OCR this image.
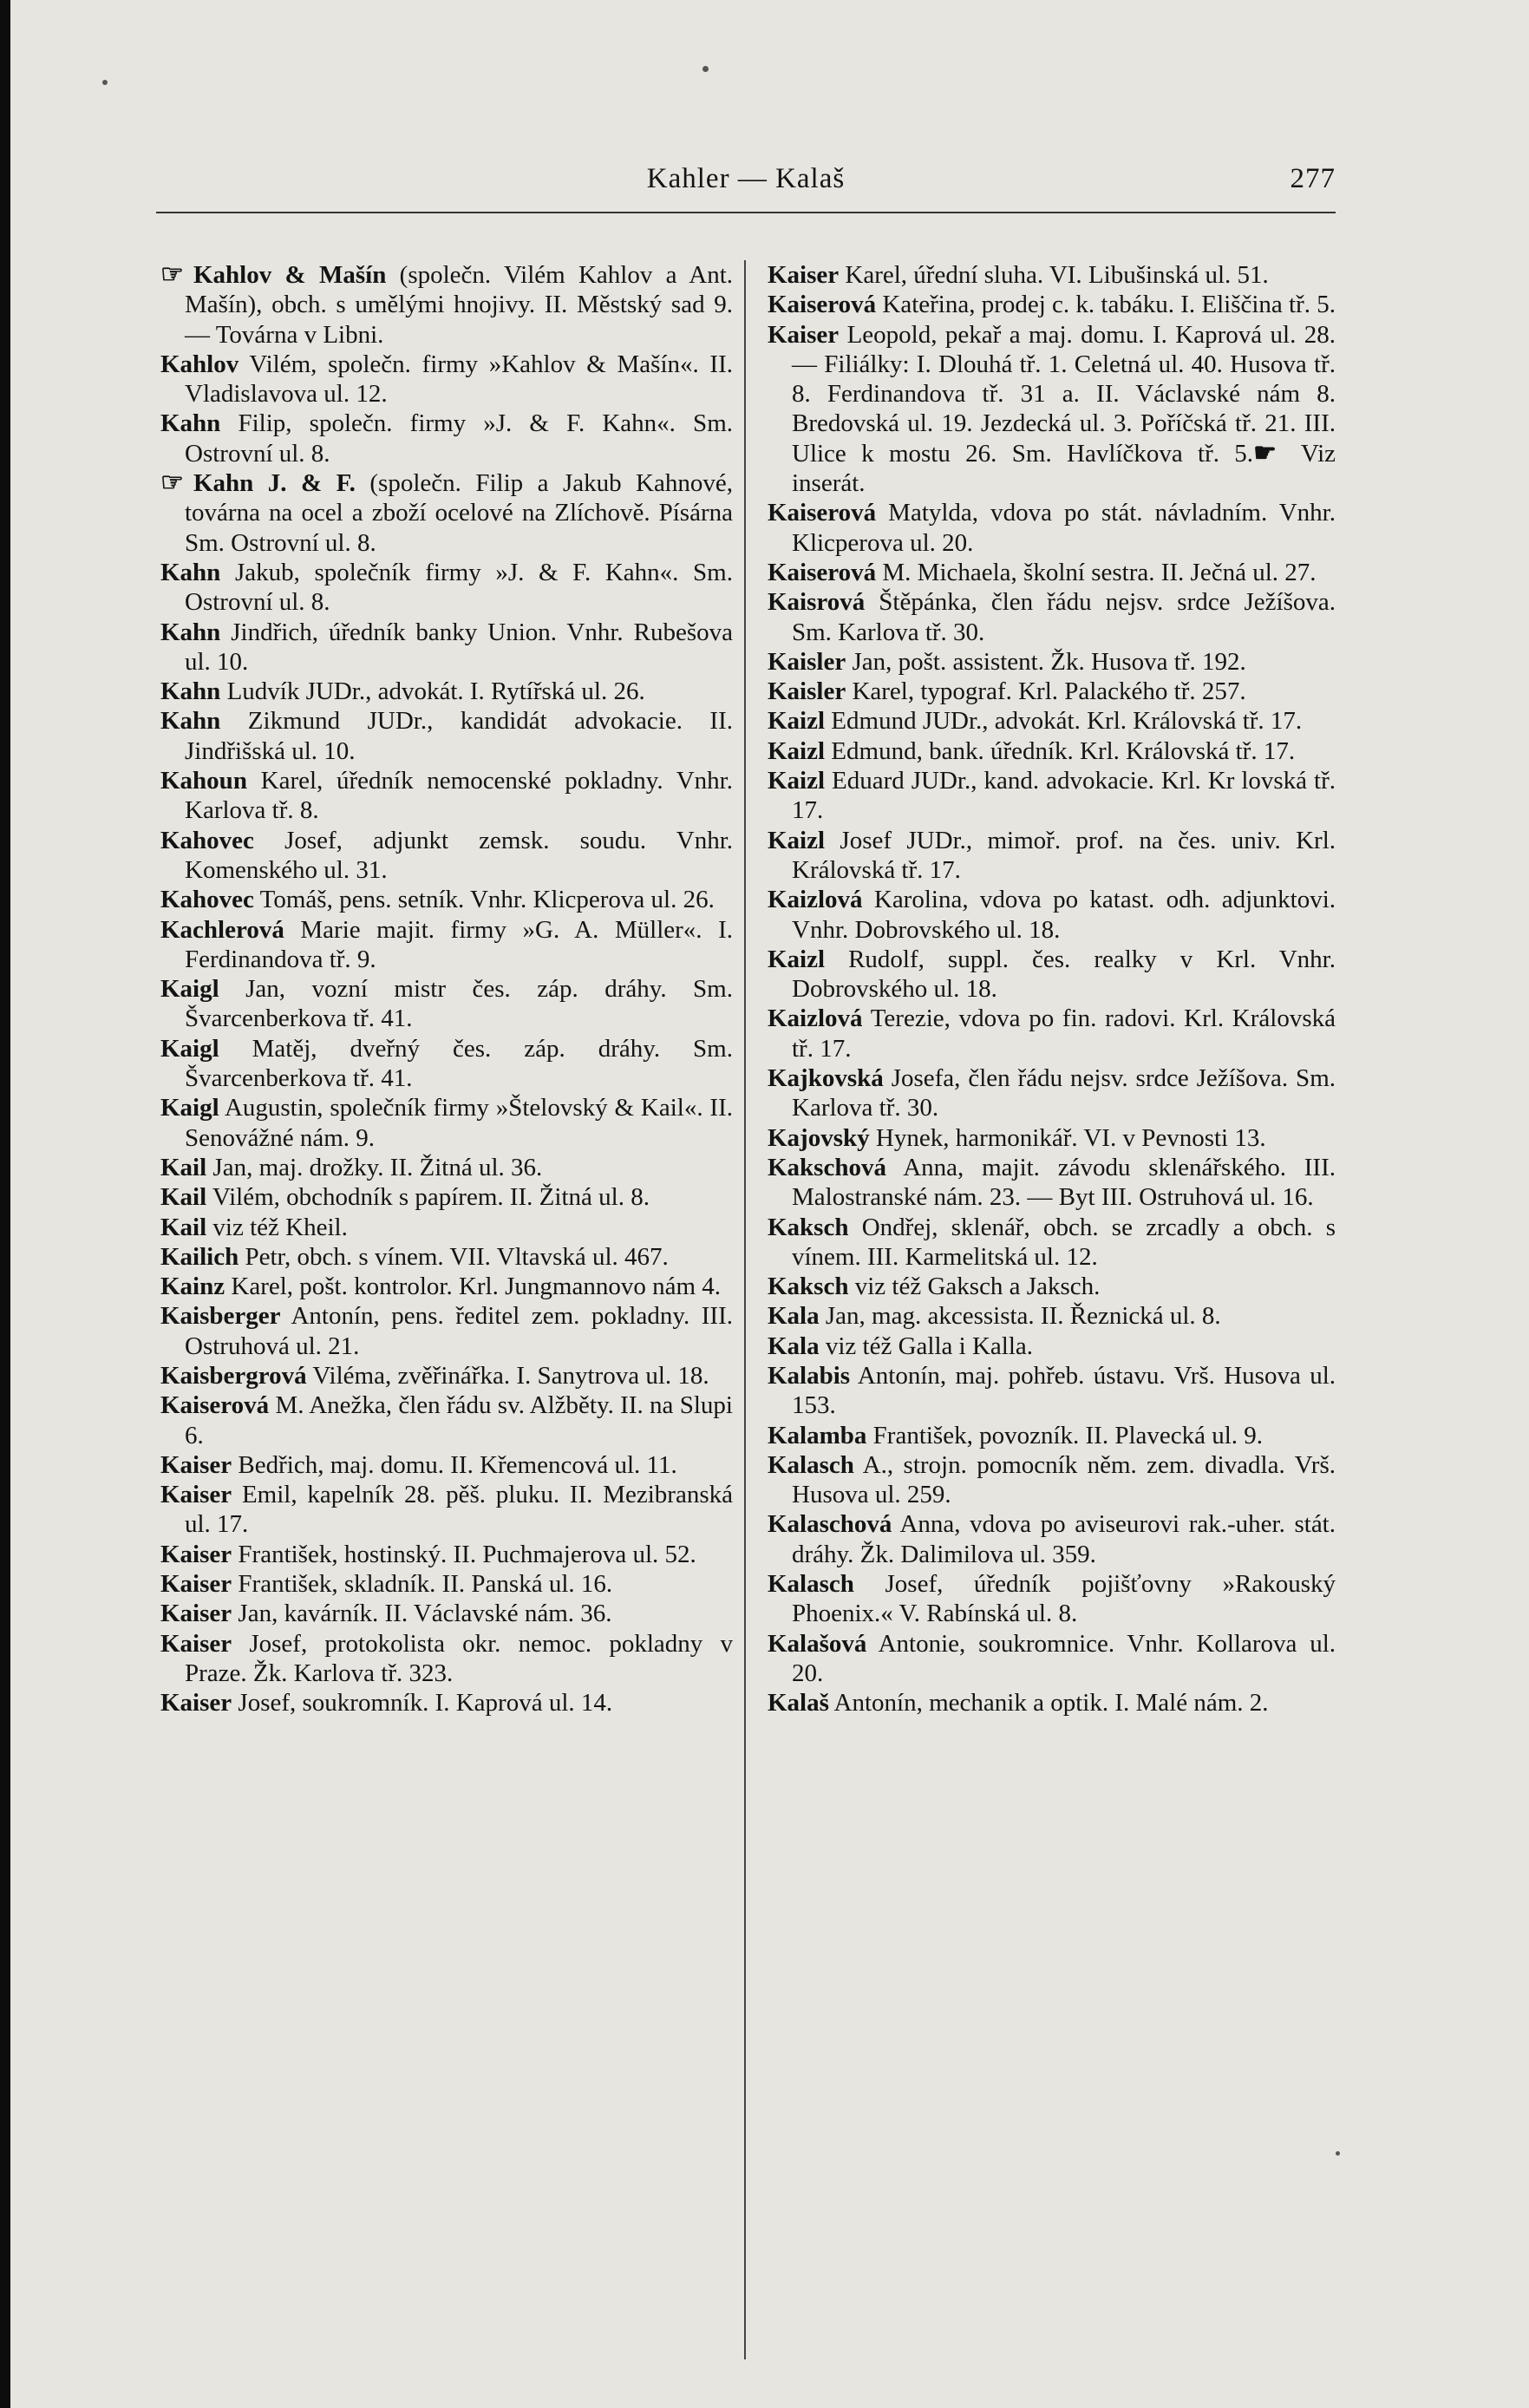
Kahler — Kalaš	277

☞ Kahlov & Mašín (společn. Vilém Kahlov a Ant. Mašín), obch. s umělými hnojivy. II. Městský sad 9. — Továrna v Libni.

Kahlov Vilém, společn. firmy »Kahlov & Mašín«. II. Vladislavova ul. 12.

Kahn Filip, společn. firmy »J. & F. Kahn«. Sm. Ostrovní ul. 8.

☞ Kahn J. & F. (společn. Filip a Jakub Kahnové, továrna na ocel a zboží ocelové na Zlíchově. Písárna Sm. Ostrovní ul. 8.

Kahn Jakub, společník firmy »J. & F. Kahn«. Sm. Ostrovní ul. 8.

Kahn Jindřich, úředník banky Union. Vnhr. Rubešova ul. 10.

Kahn Ludvík JUDr., advokát. I. Rytířská ul. 26.

Kahn Zikmund JUDr., kandidát advokacie. II. Jindřišská ul. 10.

Kahoun Karel, úředník nemocenské pokladny. Vnhr. Karlova tř. 8.

Kahovec Josef, adjunkt zemsk. soudu. Vnhr. Komenského ul. 31.

Kahovec Tomáš, pens. setník. Vnhr. Klicperova ul. 26.

Kachlerová Marie majit. firmy »G. A. Müller«. I. Ferdinandova tř. 9.

Kaigl Jan, vozní mistr čes. záp. dráhy. Sm. Švarcenberkova tř. 41.

Kaigl Matěj, dveřný čes. záp. dráhy. Sm. Švarcenberkova tř. 41.

Kaigl Augustin, společník firmy »Štelovský & Kail«. II. Senovážné nám. 9.

Kail Jan, maj. drožky. II. Žitná ul. 36.

Kail Vilém, obchodník s papírem. II. Žitná ul. 8.

Kail viz též Kheil.

Kailich Petr, obch. s vínem. VII. Vltavská ul. 467.

Kainz Karel, pošt. kontrolor. Krl. Jungmannovo nám 4.

Kaisberger Antonín, pens. ředitel zem. pokladny. III. Ostruhová ul. 21.

Kaisbergrová Viléma, zvěřinářka. I. Sanytrova ul. 18.

Kaiserová M. Anežka, člen řádu sv. Alžběty. II. na Slupi 6.

Kaiser Bedřich, maj. domu. II. Křemencová ul. 11.

Kaiser Emil, kapelník 28. pěš. pluku. II. Mezibranská ul. 17.

Kaiser František, hostinský. II. Puchmajerova ul. 52.

Kaiser František, skladník. II. Panská ul. 16.

Kaiser Jan, kavárník. II. Václavské nám. 36.

Kaiser Josef, protokolista okr. nemoc. pokladny v Praze. Žk. Karlova tř. 323.

Kaiser Josef, soukromník. I. Kaprová ul. 14.

Kaiser Karel, úřední sluha. VI. Libušinská ul. 51.

Kaiserová Kateřina, prodej c. k. tabáku. I. Eliščina tř. 5.

Kaiser Leopold, pekař a maj. domu. I. Kaprová ul. 28. — Filiálky: I. Dlouhá tř. 1. Celetná ul. 40. Husova tř. 8. Ferdinandova tř. 31 a. II. Václavské nám 8. Bredovská ul. 19. Jezdecká ul. 3. Poříčská tř. 21. III. Ulice k mostu 26. Sm. Havlíčkova tř. 5.☛ Viz inserát.

Kaiserová Matylda, vdova po stát. návladním. Vnhr. Klicperova ul. 20.

Kaiserová M. Michaela, školní sestra. II. Ječná ul. 27.

Kaisrová Štěpánka, člen řádu nejsv. srdce Ježíšova. Sm. Karlova tř. 30.

Kaisler Jan, pošt. assistent. Žk. Husova tř. 192.

Kaisler Karel, typograf. Krl. Palackého tř. 257.

Kaizl Edmund JUDr., advokát. Krl. Královská tř. 17.

Kaizl Edmund, bank. úředník. Krl. Královská tř. 17.

Kaizl Eduard JUDr., kand. advokacie. Krl. Kr lovská tř. 17.

Kaizl Josef JUDr., mimoř. prof. na čes. univ. Krl. Královská tř. 17.

Kaizlová Karolina, vdova po katast. odh. adjunktovi. Vnhr. Dobrovského ul. 18.

Kaizl Rudolf, suppl. čes. realky v Krl. Vnhr. Dobrovského ul. 18.

Kaizlová Terezie, vdova po fin. radovi. Krl. Královská tř. 17.

Kajkovská Josefa, člen řádu nejsv. srdce Ježíšova. Sm. Karlova tř. 30.

Kajovský Hynek, harmonikář. VI. v Pevnosti 13.

Kakschová Anna, majit. závodu sklenářského. III. Malostranské nám. 23. — Byt III. Ostruhová ul. 16.

Kaksch Ondřej, sklenář, obch. se zrcadly a obch. s vínem. III. Karmelitská ul. 12.

Kaksch viz též Gaksch a Jaksch.

Kala Jan, mag. akcessista. II. Řeznická ul. 8.

Kala viz též Galla i Kalla.

Kalabis Antonín, maj. pohřeb. ústavu. Vrš. Husova ul. 153.

Kalamba František, povozník. II. Plavecká ul. 9.

Kalasch A., strojn. pomocník něm. zem. divadla. Vrš. Husova ul. 259.

Kalaschová Anna, vdova po aviseurovi rak.-uher. stát. dráhy. Žk. Dalimilova ul. 359.

Kalasch Josef, úředník pojišťovny »Rakouský Phoenix.« V. Rabínská ul. 8.

Kalašová Antonie, soukromnice. Vnhr. Kollarova ul. 20.

Kalaš Antonín, mechanik a optik. I. Malé nám. 2.
